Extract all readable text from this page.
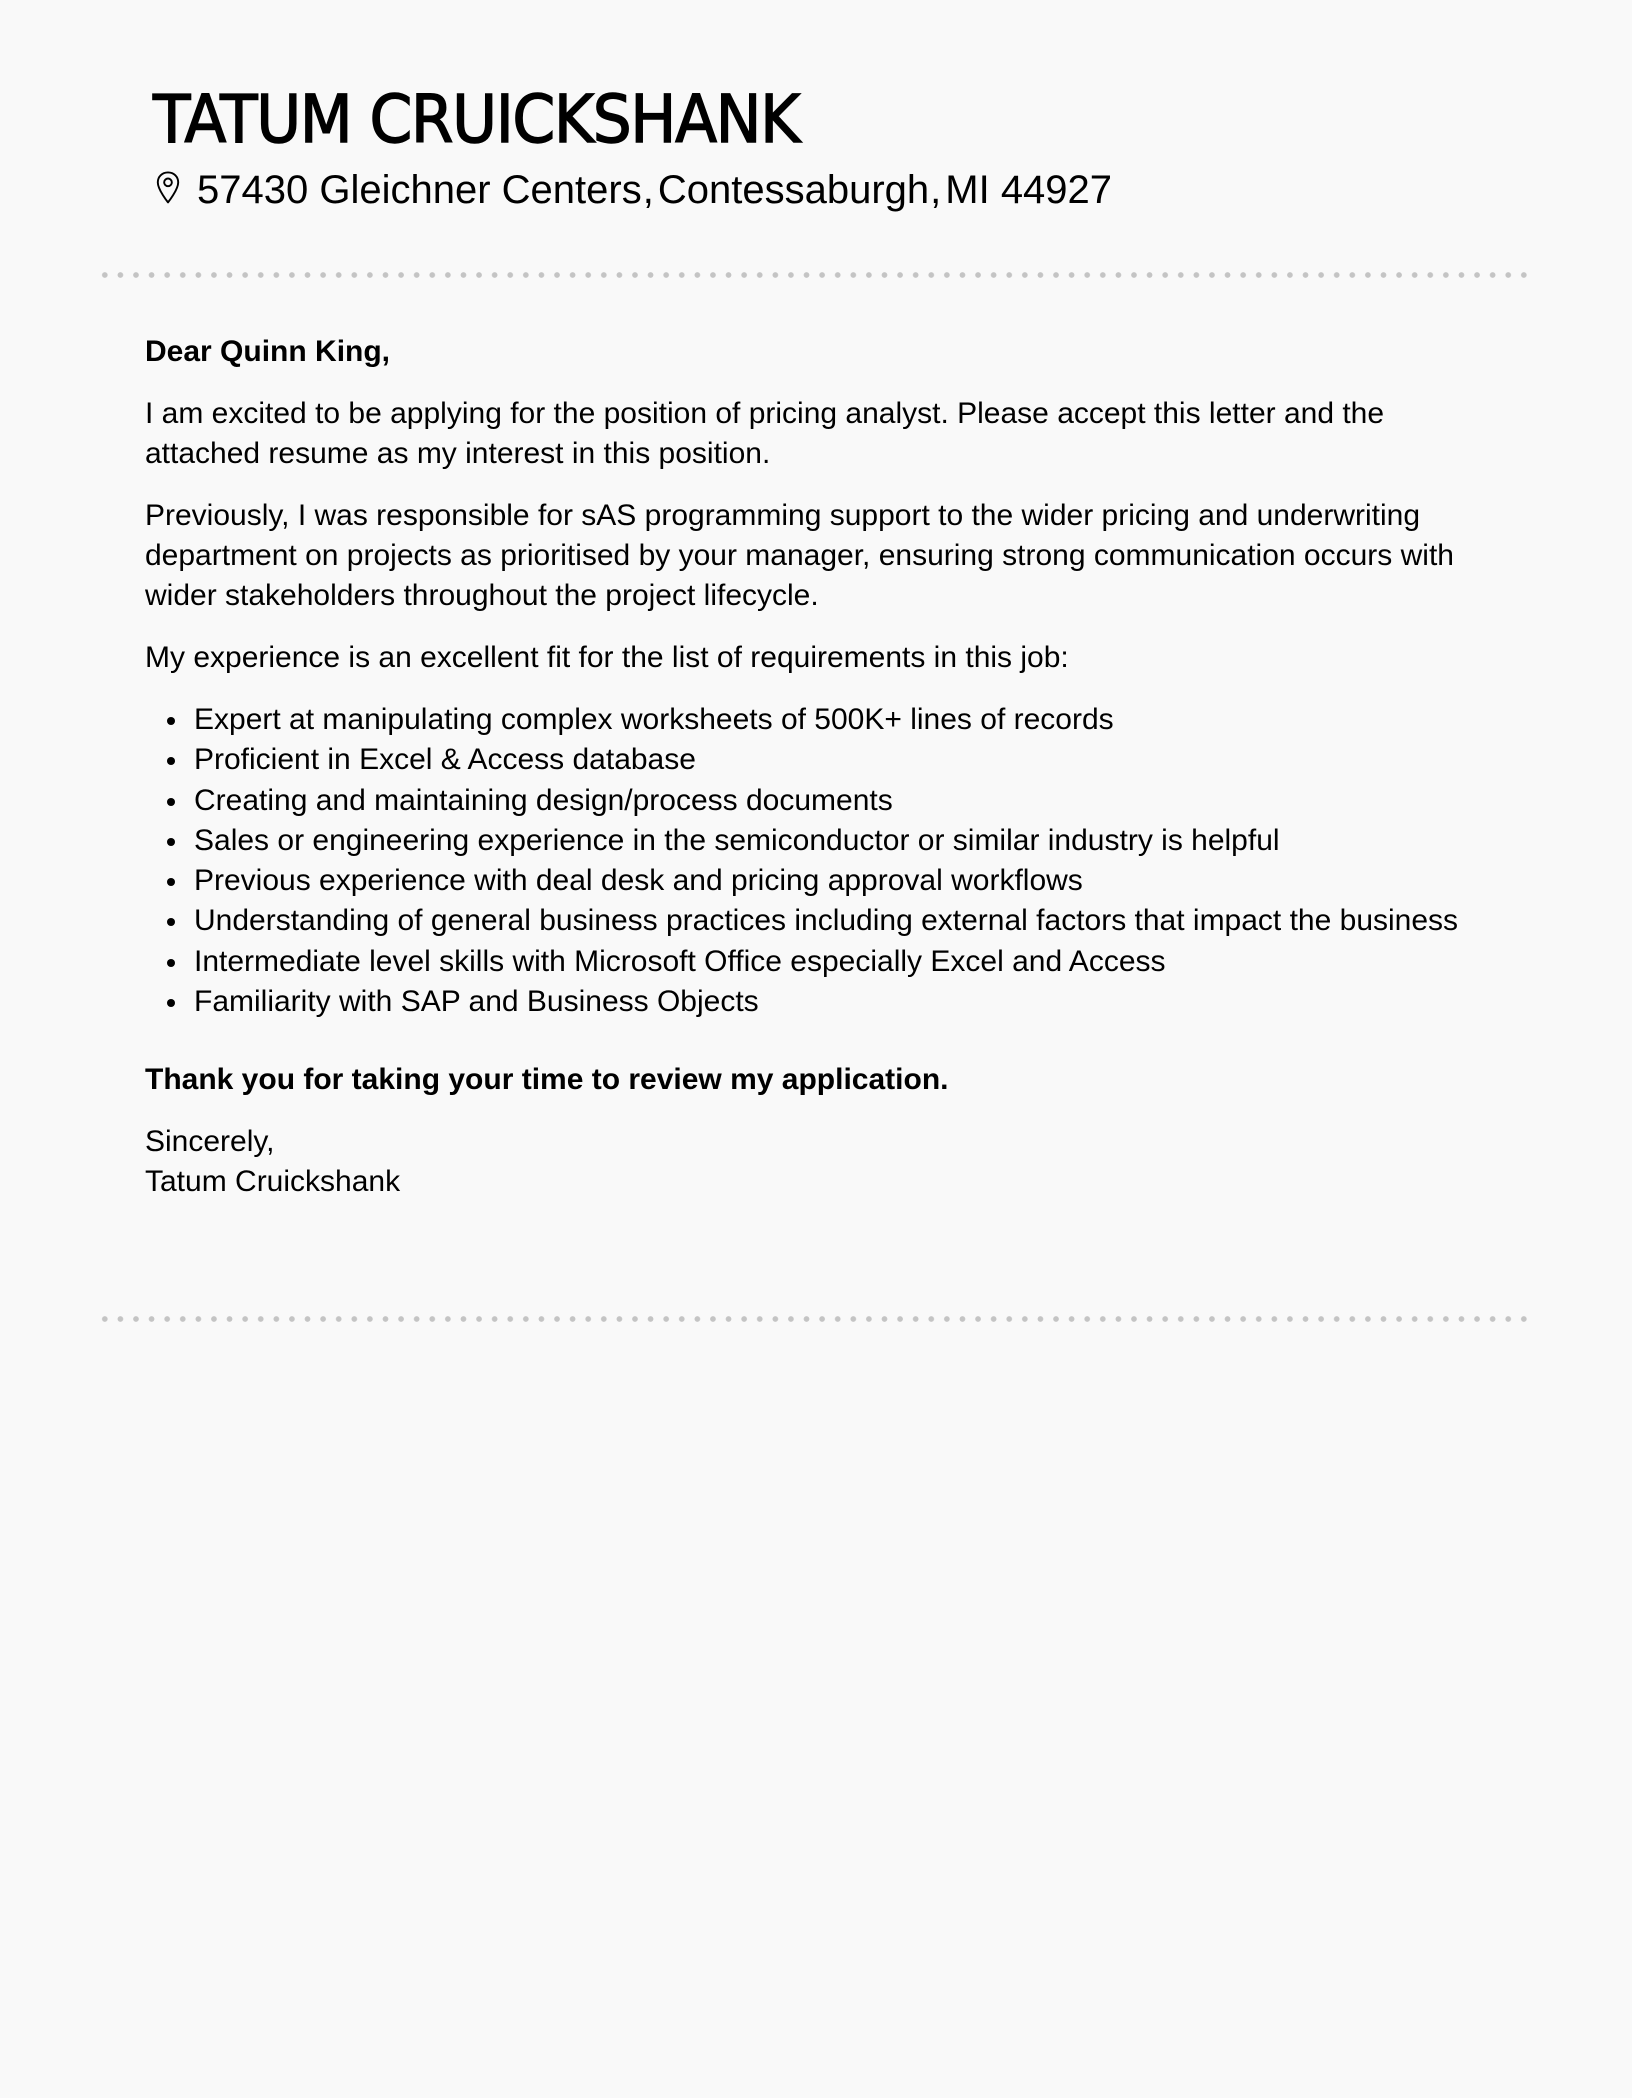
TATUM CRUICKSHANK
57430 Gleichner Centers, Contessaburgh, MI 44927

Dear Quinn King,

I am excited to be applying for the position of pricing analyst. Please accept this letter and the attached resume as my interest in this position.

Previously, I was responsible for sAS programming support to the wider pricing and underwriting department on projects as prioritised by your manager, ensuring strong communication occurs with wider stakeholders throughout the project lifecycle.

My experience is an excellent fit for the list of requirements in this job:

Expert at manipulating complex worksheets of 500K+ lines of records
Proficient in Excel & Access database
Creating and maintaining design/process documents
Sales or engineering experience in the semiconductor or similar industry is helpful
Previous experience with deal desk and pricing approval workflows
Understanding of general business practices including external factors that impact the business
Intermediate level skills with Microsoft Office especially Excel and Access
Familiarity with SAP and Business Objects

Thank you for taking your time to review my application.

Sincerely,
Tatum Cruickshank
